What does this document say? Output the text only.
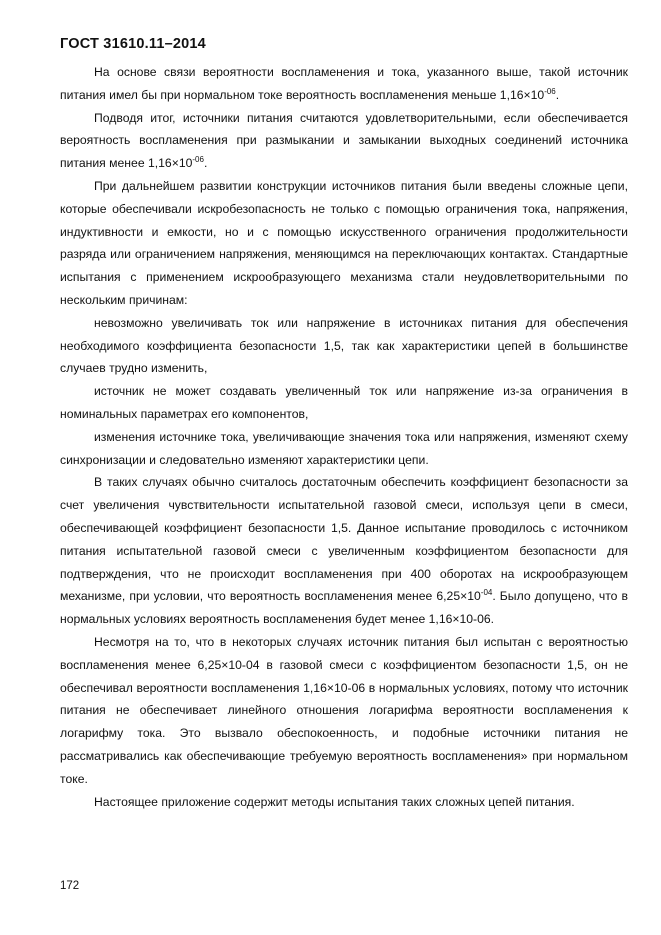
ГОСТ 31610.11–2014

На основе связи вероятности воспламенения и тока, указанного выше, такой источник питания имел бы при нормальном токе вероятность воспламенения меньше $1,16\times 10^{-06}$.

Подводя итог, источники питания считаются удовлетворительными, если обеспечивается вероятность воспламенения при размыкании и замыкании выходных соединений источника питания менее $1,16\times 10^{-06}$.

При дальнейшем развитии конструкции источников питания были введены сложные цепи, которые обеспечивали искробезопасность не только с помощью ограничения тока, напряжения, индуктивности и емкости, но и с помощью искусственного ограничения продолжительности разряда или ограничением напряжения, меняющимся на переключающих контактах. Стандартные испытания с применением искрообразующего механизма стали неудовлетворительными по нескольким причинам:

невозможно увеличивать ток или напряжение в источниках питания для обеспечения необходимого коэффициента безопасности 1,5, так как характеристики цепей в большинстве случаев трудно изменить,

источник не может создавать увеличенный ток или напряжение из-за ограничения в номинальных параметрах его компонентов,

изменения источнике тока, увеличивающие значения тока или напряжения, изменяют схему синхронизации и следовательно изменяют характеристики цепи.

В таких случаях обычно считалось достаточным обеспечить коэффициент безопасности за счет увеличения чувствительности испытательной газовой смеси, используя цепи в смеси, обеспечивающей коэффициент безопасности 1,5. Данное испытание проводилось с источником питания испытательной газовой смеси с увеличенным коэффициентом безопасности для подтверждения, что не происходит воспламенения при 400 оборотах на искрообразующем механизме, при условии, что вероятность воспламенения менее $6,25\times 10^{-04}$. Было допущено, что в нормальных условиях вероятность воспламенения будет менее 1,16×10-06.

Несмотря на то, что в некоторых случаях источник питания был испытан с вероятностью воспламенения менее 6,25×10-04 в газовой смеси с коэффициентом безопасности 1,5, он не обеспечивал вероятности воспламенения 1,16×10-06 в нормальных условиях, потому что источник питания не обеспечивает линейного отношения логарифма вероятности воспламенения к логарифму тока. Это вызвало обеспокоенность, и подобные источники питания не рассматривались как обеспечивающие требуемую вероятность воспламенения» при нормальном токе.

Настоящее приложение содержит методы испытания таких сложных цепей питания.

172
